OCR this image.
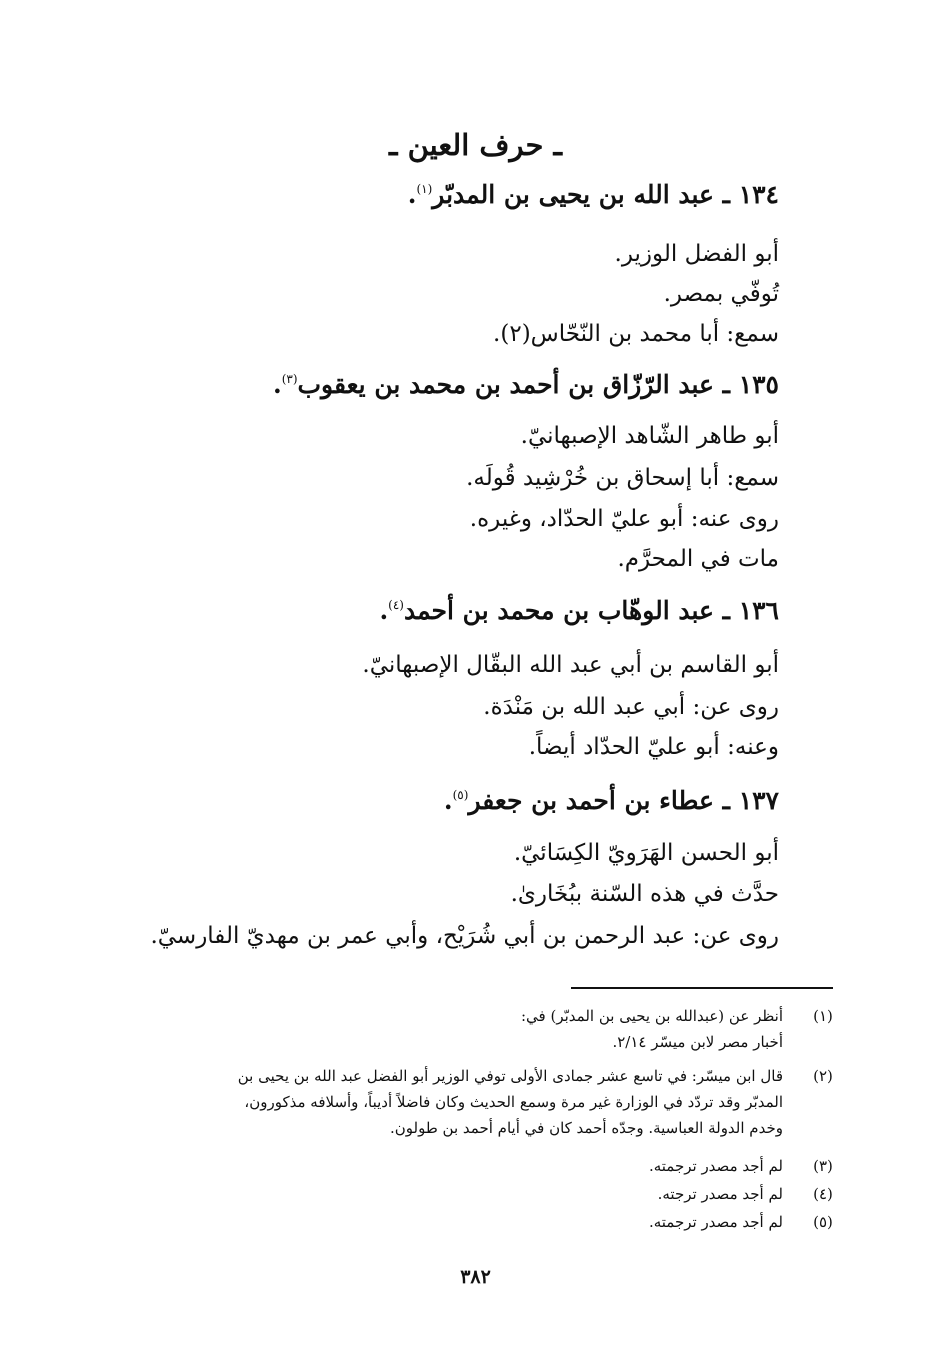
ـ حرف العين ـ
١٣٤ ـ عبد الله بن يحيى بن المدبّر$^{(١)}$.
أبو الفضل الوزير.
تُوفّي بمصر.
سمع: أبا محمد بن النّحّاس(٢).
١٣٥ ـ عبد الرّزّاق بن أحمد بن محمد بن يعقوب$^{(٣)}$.
أبو طاهر الشّاهد الإصبهانيّ.
سمع: أبا إسحاق بن خُرْشِيد قُولَه.
روى عنه: أبو عليّ الحدّاد، وغيره.
مات في المحرَّم.
١٣٦ ـ عبد الوهّاب بن محمد بن أحمد$^{(٤)}$.
أبو القاسم بن أبي عبد الله البقّال الإصبهانيّ.
روى عن: أبي عبد الله بن مَنْدَة.
وعنه: أبو عليّ الحدّاد أيضاً.
١٣٧ ـ عطاء بن أحمد بن جعفر$^{(٥)}$.
أبو الحسن الهَرَويّ الكِسَائيّ.
حدَّث في هذه السّنة ببُخَارىٰ.
روى عن: عبد الرحمن بن أبي شُرَيْح، وأبي عمر بن مهديّ الفارسيّ.
(١)
أنظر عن (عبدالله بن يحيى بن المدبّر) في:
أخبار مصر لابن ميسّر ٢/١٤.
(٢)
قال ابن ميسّر: في تاسع عشر جمادى الأولى توفي الوزير أبو الفضل عبد الله بن يحيى بن
المدبّر وقد تردّد في الوزارة غير مرة وسمع الحديث وكان فاضلاً أديباً، وأسلافه مذكورون،
وخدم الدولة العباسية. وجدّه أحمد كان في أيام أحمد بن طولون.
(٣)
لم أجد مصدر ترجمته.
(٤)
لم أجد مصدر ترجته.
(٥)
لم أجد مصدر ترجمته.
٣٨٢
